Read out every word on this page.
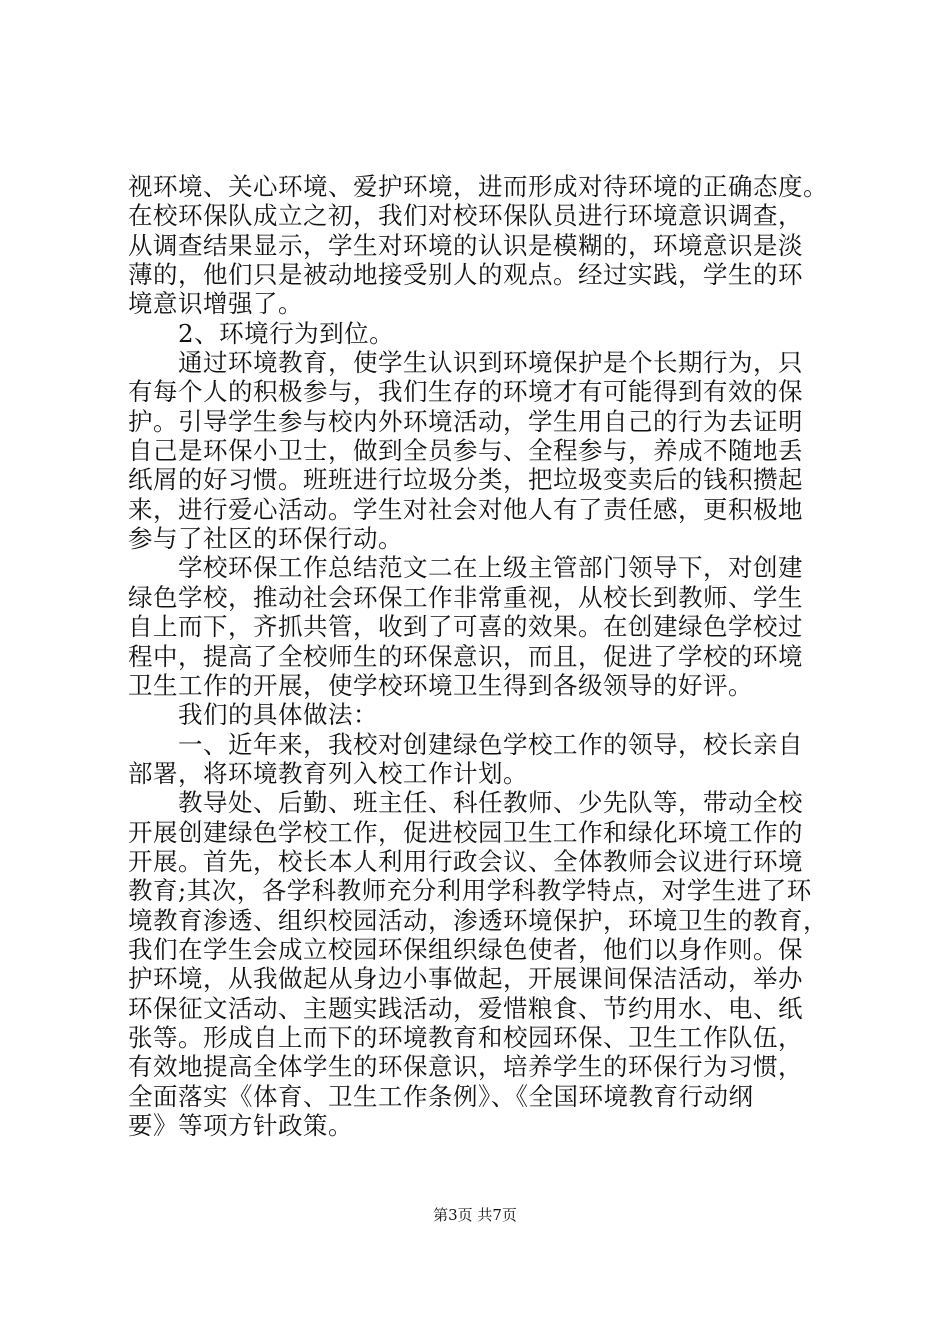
视环境、关心环境、爱护环境，进而形成对待环境的正确态度。
在校环保队成立之初，我们对校环保队员进行环境意识调查，
从调查结果显示，学生对环境的认识是模糊的，环境意识是淡
薄的，他们只是被动地接受别人的观点。经过实践，学生的环
境意识增强了。
2、环境行为到位。
通过环境教育，使学生认识到环境保护是个长期行为，只
有每个人的积极参与，我们生存的环境才有可能得到有效的保
护。引导学生参与校内外环境活动，学生用自己的行为去证明
自己是环保小卫士，做到全员参与、全程参与，养成不随地丢
纸屑的好习惯。班班进行垃圾分类，把垃圾变卖后的钱积攒起
来，进行爱心活动。学生对社会对他人有了责任感，更积极地
参与了社区的环保行动。
学校环保工作总结范文二在上级主管部门领导下，对创建
绿色学校，推动社会环保工作非常重视，从校长到教师、学生
自上而下，齐抓共管，收到了可喜的效果。在创建绿色学校过
程中，提高了全校师生的环保意识，而且，促进了学校的环境
卫生工作的开展，使学校环境卫生得到各级领导的好评。
我们的具体做法：
一、近年来，我校对创建绿色学校工作的领导，校长亲自
部署，将环境教育列入校工作计划。
教导处、后勤、班主任、科任教师、少先队等，带动全校
开展创建绿色学校工作，促进校园卫生工作和绿化环境工作的
开展。首先，校长本人利用行政会议、全体教师会议进行环境
教育;其次，各学科教师充分利用学科教学特点，对学生进了环
境教育渗透、组织校园活动，渗透环境保护，环境卫生的教育，
我们在学生会成立校园环保组织绿色使者，他们以身作则。保
护环境，从我做起从身边小事做起，开展课间保洁活动，举办
环保征文活动、主题实践活动，爱惜粮食、节约用水、电、纸
张等。形成自上而下的环境教育和校园环保、卫生工作队伍，
有效地提高全体学生的环保意识，培养学生的环保行为习惯，
全面落实《体育、卫生工作条例》、《全国环境教育行动纲
要》等项方针政策。
第3页 共7页
